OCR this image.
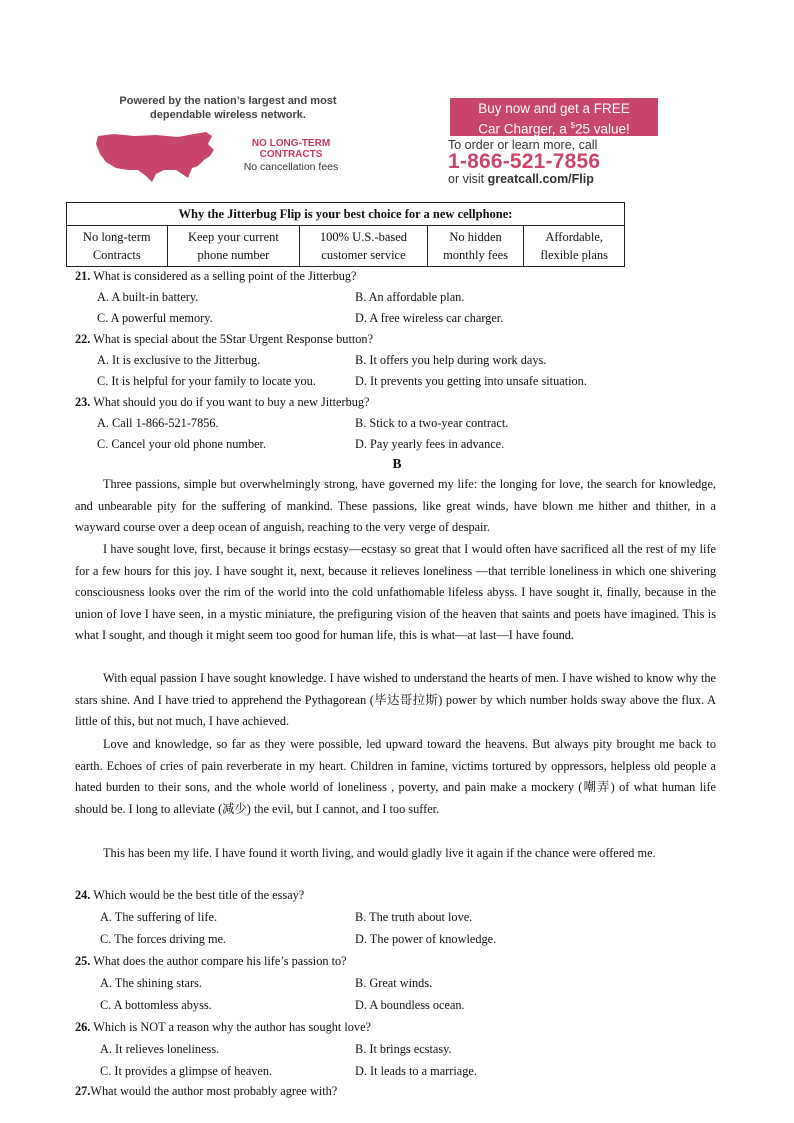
Powered by the nation’s largest and most dependable wireless network.
NO LONG-TERM
CONTRACTS
No cancellation fees
Buy now and get a FREE
Car Charger, a $25 value!
To order or learn more, call
1-866-521-7856
or visit greatcall.com/Flip
Why the Jitterbug Flip is your best choice for a new cellphone:

No long-term
Contracts

Keep your current
phone number

100% U.S.-based
customer service

No hidden
monthly fees

Affordable,
flexible plans
21. What is considered as a selling point of the Jitterbug?
A. A built-in battery.	B. An affordable plan.
C. A powerful memory.	D. A free wireless car charger.
22. What is special about the 5Star Urgent Response button?
A. It is exclusive to the Jitterbug.	B. It offers you help during work days.
C. It is helpful for your family to locate you.	D. It prevents you getting into unsafe situation.
23. What should you do if you want to buy a new Jitterbug?
A. Call 1-866-521-7856.	B. Stick to a two-year contract.
C. Cancel your old phone number.	D. Pay yearly fees in advance.
B

Three passions, simple but overwhelmingly strong, have governed my life: the longing for love, the search for knowledge, and unbearable pity for the suffering of mankind. These passions, like great winds, have blown me hither and thither, in a wayward course over a deep ocean of anguish, reaching to the very verge of despair.

I have sought love, first, because it brings ecstasy—ecstasy so great that I would often have sacrificed all the rest of my life for a few hours for this joy. I have sought it, next, because it relieves loneliness —that terrible loneliness in which one shivering consciousness looks over the rim of the world into the cold unfathomable lifeless abyss. I have sought it, finally, because in the union of love I have seen, in a mystic miniature, the prefiguring vision of the heaven that saints and poets have imagined. This is what I sought, and though it might seem too good for human life, this is what—at last—I have found.

With equal passion I have sought knowledge. I have wished to understand the hearts of men. I have wished to know why the stars shine. And I have tried to apprehend the Pythagorean (毕达哥拉斯) power by which number holds sway above the flux. A little of this, but not much, I have achieved.

Love and knowledge, so far as they were possible, led upward toward the heavens. But always pity brought me back to earth. Echoes of cries of pain reverberate in my heart. Children in famine, victims tortured by oppressors, helpless old people a hated burden to their sons, and the whole world of loneliness , poverty, and pain make a mockery (嘲弄) of what human life should be. I long to alleviate (减少) the evil, but I cannot, and I too suffer.

This has been my life. I have found it worth living, and would gladly live it again if the chance were offered me.

24. Which would be the best title of the essay?
A. The suffering of life.	B. The truth about love.
C. The forces driving me.	D. The power of knowledge.
25. What does the author compare his life’s passion to?
A. The shining stars.	B. Great winds.
C. A bottomless abyss.	D. A boundless ocean.
26. Which is NOT a reason why the author has sought love?
A. It relieves loneliness.	B. It brings ecstasy.
C. It provides a glimpse of heaven.	D. It leads to a marriage.
27.What would the author most probably agree with?
